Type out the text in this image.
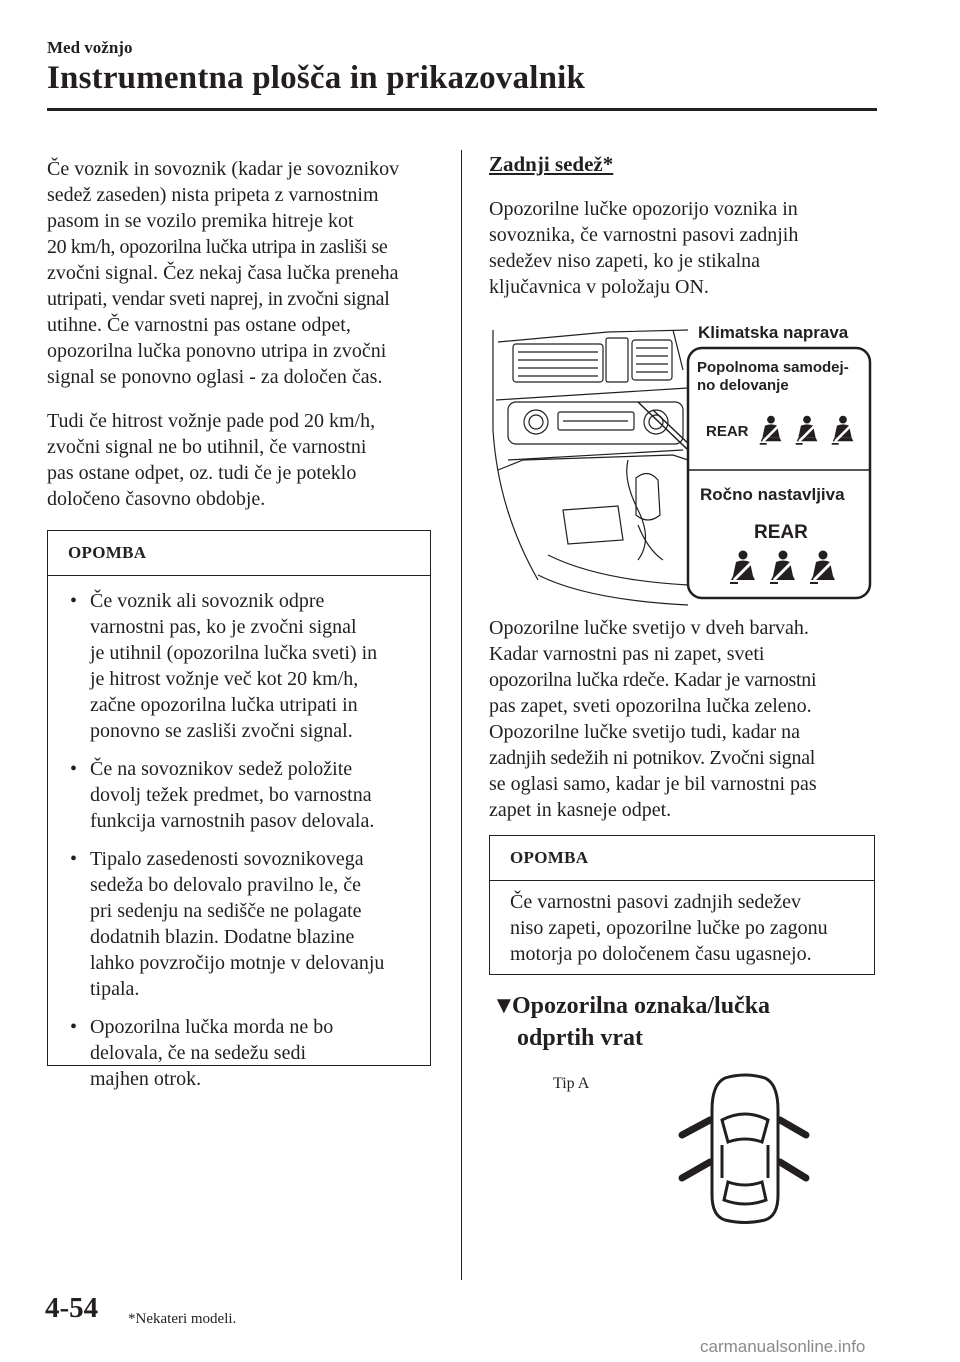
Med vožnjo
Instrumentna plošča in prikazovalnik
Če voznik in sovoznik (kadar je sovoznikov
sedež zaseden) nista pripeta z varnostnim
pasom in se vozilo premika hitreje kot
20 km/h, opozorilna lučka utripa in zasliši se
zvočni signal. Čez nekaj časa lučka preneha
utripati, vendar sveti naprej, in zvočni signal
utihne. Če varnostni pas ostane odpet,
opozorilna lučka ponovno utripa in zvočni
signal se ponovno oglasi - za določen čas.
Tudi če hitrost vožnje pade pod 20 km/h,
zvočni signal ne bo utihnil, če varnostni
pas ostane odpet, oz. tudi če je poteklo
določeno časovno obdobje.
OPOMBA
• Če voznik ali sovoznik odpre
varnostni pas, ko je zvočni signal
je utihnil (opozorilna lučka sveti) in
je hitrost vožnje več kot 20 km/h,
začne opozorilna lučka utripati in
ponovno se zasliši zvočni signal.
• Če na sovoznikov sedež položite
dovolj težek predmet, bo varnostna
funkcija varnostnih pasov delovala.
• Tipalo zasedenosti sovoznikovega
sedeža bo delovalo pravilno le, če
pri sedenju na sedišče ne polagate
dodatnih blazin. Dodatne blazine
lahko povzročijo motnje v delovanju
tipala.
• Opozorilna lučka morda ne bo
delovala, če na sedežu sedi
majhen otrok.
Zadnji sedež*
Opozorilne lučke opozorijo voznika in
sovoznika, če varnostni pasovi zadnjih
sedežev niso zapeti, ko je stikalna
ključavnica v položaju ON.
Klimatska naprava
Popolnoma samodej-
no delovanje
REAR
Ročno nastavljiva
REAR
Opozorilne lučke svetijo v dveh barvah.
Kadar varnostni pas ni zapet, sveti
opozorilna lučka rdeče. Kadar je varnostni
pas zapet, sveti opozorilna lučka zeleno.
Opozorilne lučke svetijo tudi, kadar na
zadnjih sedežih ni potnikov. Zvočni signal
se oglasi samo, kadar je bil varnostni pas
zapet in kasneje odpet.
OPOMBA
Če varnostni pasovi zadnjih sedežev
niso zapeti, opozorilne lučke po zagonu
motorja po določenem času ugasnejo.
▼Opozorilna oznaka/lučka
odprtih vrat
Tip A
4-54 *Nekateri modeli.
carmanualsonline.info
